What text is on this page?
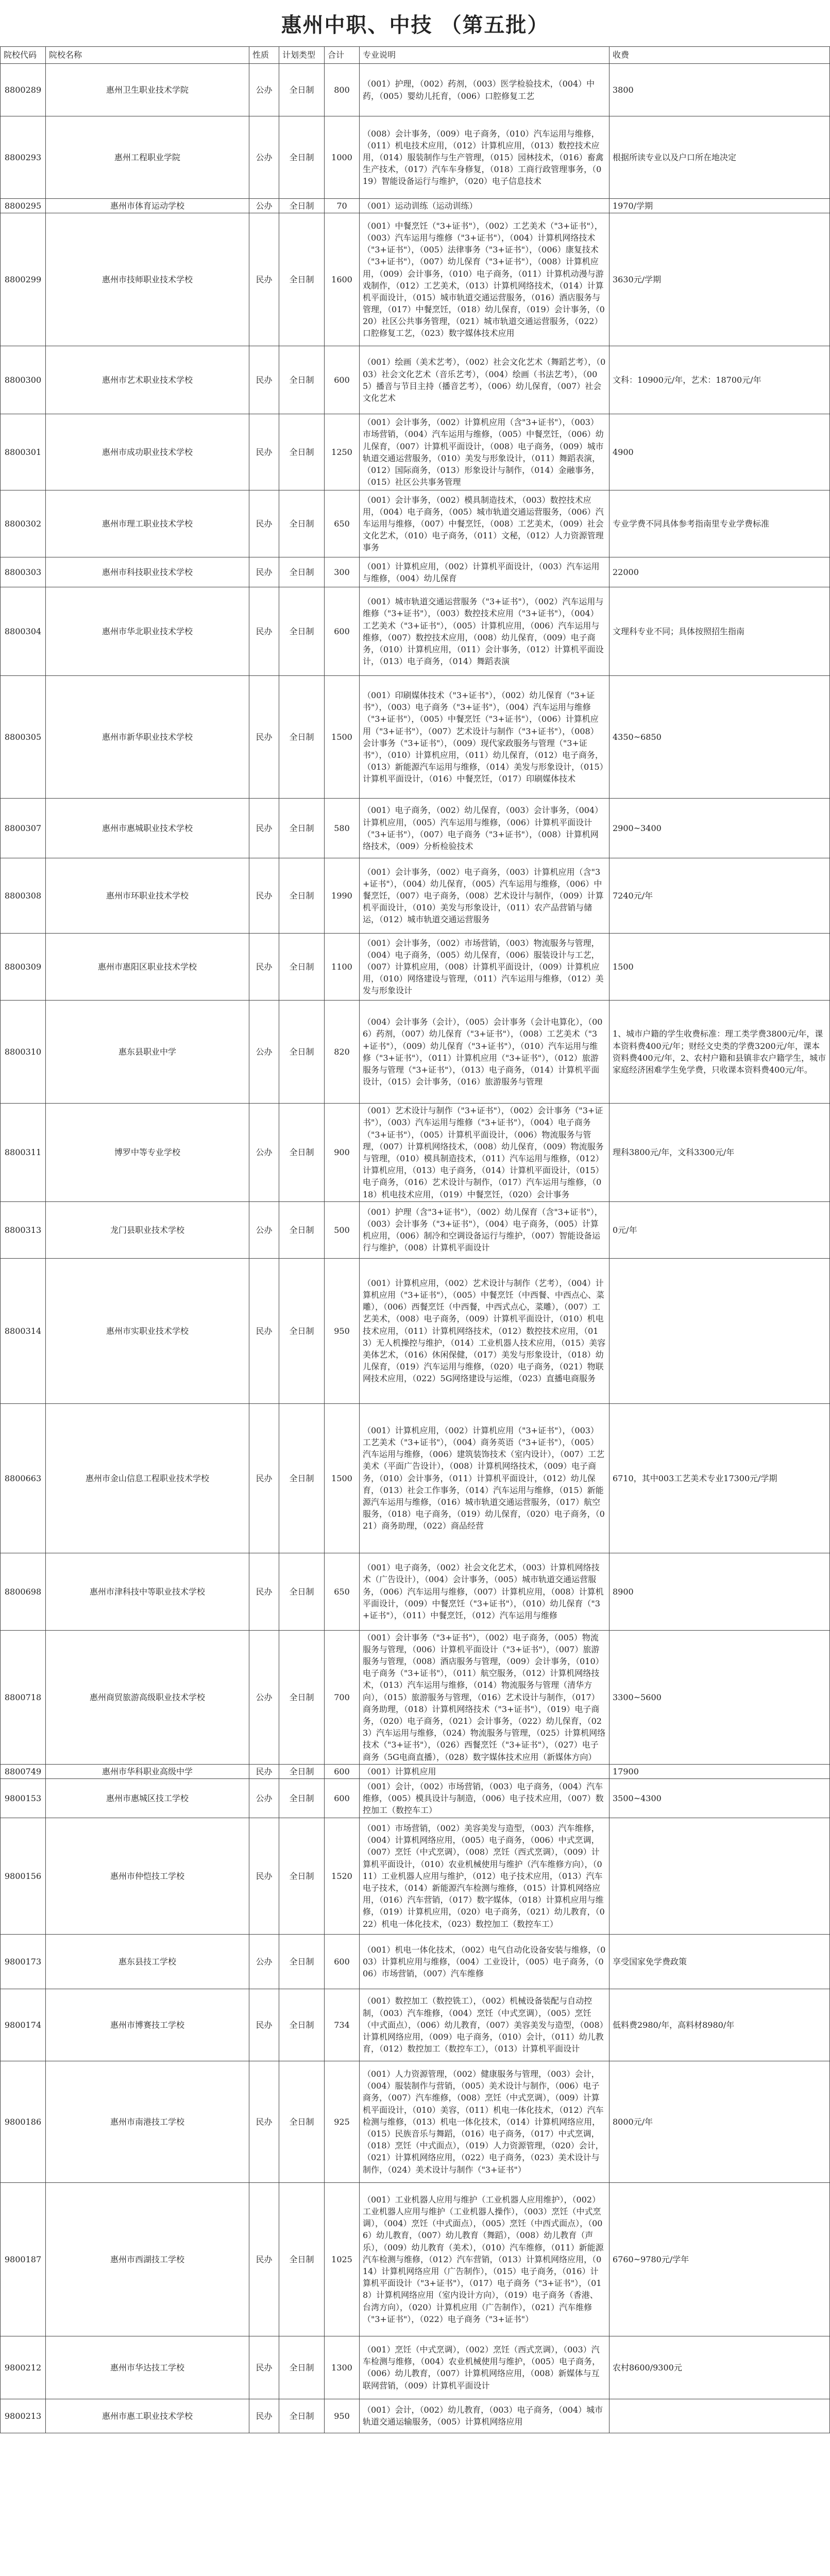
惠州中职、中技 （第五批）
院校代码	院校名称	性质	计划类型	合计	专业说明	收费
8800289	惠州卫生职业技术学院	公办	全日制	800	（001）护理，（002）药剂，（003）医学检验技术，（004）中药，（005）婴幼儿托育，（006）口腔修复工艺	3800
8800293	惠州工程职业学院	公办	全日制	1000	（008）会计事务，（009）电子商务，（010）汽车运用与维修，（011）机电技术应用，（012）计算机应用，（013）数控技术应用，（014）服装制作与生产管理，（015）园林技术，（016）畜禽生产技术，（017）汽车车身修复，（018）工商行政管理事务，（019）智能设备运行与维护，（020）电子信息技术	根据所读专业以及户口所在地决定
8800295	惠州市体育运动学校	公办	全日制	70	（001）运动训练（运动训练）	1970/学期
8800299	惠州市技师职业技术学校	民办	全日制	1600	（001）中餐烹饪（"3+证书"），（002）工艺美术（"3+证书"），（003）汽车运用与维修（"3+证书"），（004）计算机网络技术（"3+证书"），（005）法律事务（"3+证书"），（006）康复技术（"3+证书"），（007）幼儿保育（"3+证书"），（008）计算机应用，（009）会计事务，（010）电子商务，（011）计算机动漫与游戏制作，（012）工艺美术，（013）计算机网络技术，（014）计算机平面设计，（015）城市轨道交通运营服务，（016）酒店服务与管理，（017）中餐烹饪，（018）幼儿保育，（019）会计事务，（020）社区公共事务管理，（021）城市轨道交通运营服务，（022）口腔修复工艺，（023）数字媒体技术应用	3630元/学期
8800300	惠州市艺术职业技术学校	民办	全日制	600	（001）绘画（美术艺考），（002）社会文化艺术（舞蹈艺考），（003）社会文化艺术（音乐艺考），（004）绘画（书法艺考），（005）播音与节目主持（播音艺考），（006）幼儿保育，（007）社会文化艺术	文科：10900元/年，艺术：18700元/年
8800301	惠州市成功职业技术学校	民办	全日制	1250	（001）会计事务，（002）计算机应用（含"3+证书"），（003）市场营销，（004）汽车运用与维修，（005）中餐烹饪，（006）幼儿保育，（007）计算机平面设计，（008）电子商务，（009）城市轨道交通运营服务，（010）美发与形象设计，（011）舞蹈表演，（012）国际商务，（013）形象设计与制作，（014）金融事务，（015）社区公共事务管理	4900
8800302	惠州市理工职业技术学校	民办	全日制	650	（001）会计事务，（002）模具制造技术，（003）数控技术应用，（004）电子商务，（005）城市轨道交通运营服务，（006）汽车运用与维修，（007）中餐烹饪，（008）工艺美术，（009）社会文化艺术，（010）电子商务，（011）文秘，（012）人力资源管理事务	专业学费不同具体参考指南里专业学费标准
8800303	惠州市科技职业技术学校	民办	全日制	300	（001）计算机应用，（002）计算机平面设计，（003）汽车运用与维修，（004）幼儿保育	22000
8800304	惠州市华北职业技术学校	民办	全日制	600	（001）城市轨道交通运营服务（"3+证书"），（002）汽车运用与维修（"3+证书"），（003）数控技术应用（"3+证书"），（004）工艺美术（"3+证书"），（005）计算机应用，（006）汽车运用与维修，（007）数控技术应用，（008）幼儿保育，（009）电子商务，（010）计算机应用，（011）会计事务，（012）计算机平面设计，（013）电子商务，（014）舞蹈表演	文理科专业不同；具体按照招生指南
8800305	惠州市新华职业技术学校	民办	全日制	1500	（001）印刷媒体技术（"3+证书"），（002）幼儿保育（"3+证书"），（003）电子商务（"3+证书"），（004）汽车运用与维修（"3+证书"），（005）中餐烹饪（"3+证书"），（006）计算机应用（"3+证书"），（007）艺术设计与制作（"3+证书"），（008）会计事务（"3+证书"），（009）现代家政服务与管理（"3+证书"），（010）计算机应用，（011）幼儿保育，（012）电子商务，（013）新能源汽车运用与维修，（014）美发与形象设计，（015）计算机平面设计，（016）中餐烹饪，（017）印刷媒体技术	4350~6850
8800307	惠州市惠城职业技术学校	民办	全日制	580	（001）电子商务，（002）幼儿保育，（003）会计事务，（004）计算机应用，（005）汽车运用与维修，（006）计算机平面设计（"3+证书"），（007）电子商务（"3+证书"），（008）计算机网络技术，（009）分析检验技术	2900~3400
8800308	惠州市环职业技术学校	民办	全日制	1990	（001）会计事务，（002）电子商务，（003）计算机应用（含"3+证书"），（004）幼儿保育，（005）汽车运用与维修，（006）中餐烹饪，（007）电子商务，（008）艺术设计与制作，（009）计算机平面设计，（010）美发与形象设计，（011）农产品营销与储运，（012）城市轨道交通运营服务	7240元/年
8800309	惠州市惠阳区职业技术学校	民办	全日制	1100	（001）会计事务，（002）市场营销，（003）物流服务与管理，（004）电子商务，（005）幼儿保育，（006）服装设计与工艺，（007）计算机应用，（008）计算机平面设计，（009）计算机应用，（010）网络建设与管理，（011）汽车运用与维修，（012）美发与形象设计	1500
8800310	惠东县职业中学	公办	全日制	820	（004）会计事务（会计），（005）会计事务（会计电算化），（006）药剂，（007）幼儿保育（"3+证书"），（008）工艺美术（"3+证书"），（009）幼儿保育（"3+证书"），（010）汽车运用与维修（"3+证书"），（011）计算机应用（"3+证书"），（012）旅游服务与管理（"3+证书"），（013）电子商务，（014）计算机平面设计，（015）会计事务，（016）旅游服务与管理	1、城市户籍的学生收费标准：理工类学费3800元/年，课本资料费400元/年；财经文史类的学费3200元/年，课本资料费400元/年，2、农村户籍和县镇非农户籍学生，城市家庭经济困难学生免学费，只收课本资料费400元/年。
8800311	博罗中等专业学校	公办	全日制	900	（001）艺术设计与制作（"3+证书"），（002）会计事务（"3+证书"），（003）汽车运用与维修（"3+证书"），（004）电子商务（"3+证书"），（005）计算机平面设计，（006）物流服务与管理，（007）计算机网络技术，（008）幼儿保育，（009）物流服务与管理，（010）模具制造技术，（011）汽车运用与维修，（012）计算机应用，（013）电子商务，（014）计算机平面设计，（015）电子商务，（016）艺术设计与制作，（017）汽车运用与维修，（018）机电技术应用，（019）中餐烹饪，（020）会计事务	理科3800元/年，文科3300元/年
8800313	龙门县职业技术学校	公办	全日制	500	（001）护理（含"3+证书"），（002）幼儿保育（含"3+证书"），（003）会计事务（"3+证书"），（004）电子商务，（005）计算机应用，（006）制冷和空调设备运行与维护，（007）智能设备运行与维护，（008）计算机平面设计	0元/年
8800314	惠州市实职业技术学校	民办	全日制	950	（001）计算机应用，（002）艺术设计与制作（艺考），（004）计算机应用（"3+证书"），（005）中餐烹饪（中西餐、中西点心、菜雕），（006）西餐烹饪（中西餐，中西式点心，菜雕），（007）工艺美术，（008）电子商务，（009）计算机平面设计，（010）机电技术应用，（011）计算机网络技术，（012）数控技术应用，（013）无人机操控与维护，（014）工业机器人技术应用，（015）美容美体艺术，（016）休闲保健，（017）美发与形象设计，（018）幼儿保育，（019）汽车运用与维修，（020）电子商务，（021）物联网技术应用，（022）5G网络建设与运维，（023）直播电商服务	
8800663	惠州市金山信息工程职业技术学校	民办	全日制	1500	（001）计算机应用，（002）计算机应用（"3+证书"），（003）工艺美术（"3+证书"），（004）商务英语（"3+证书"），（005）汽车运用与维修，（006）建筑装饰技术（室内设计），（007）工艺美术（平面广告设计），（008）计算机网络技术，（009）电子商务，（010）会计事务，（011）计算机平面设计，（012）幼儿保育，（013）社会工作事务，（014）汽车运用与维修，（015）新能源汽车运用与维修，（016）城市轨道交通运营服务，（017）航空服务，（018）电子商务，（019）幼儿保育，（020）电子商务，（021）商务助理，（022）商品经营	6710，其中003工艺美术专业17300元/学期
8800698	惠州市津科技中等职业技术学校	民办	全日制	650	（001）电子商务，（002）社会文化艺术，（003）计算机网络技术（广告设计），（004）会计事务，（005）城市轨道交通运营服务，（006）汽车运用与维修，（007）计算机应用，（008）计算机平面设计，（009）中餐烹饪（"3+证书"），（010）幼儿保育（"3+证书"），（011）中餐烹饪，（012）汽车运用与维修	8900
8800718	惠州商贸旅游高级职业技术学校	公办	全日制	700	（001）会计事务（"3+证书"），（002）电子商务，（005）物流服务与管理，（006）计算机平面设计（"3+证书"），（007）旅游服务与管理，（008）酒店服务与管理，（009）会计事务，（010）电子商务（"3+证书"），（011）航空服务，（012）计算机网络技术，（013）汽车运用与维修，（014）物流服务与管理（清华方向），（015）旅游服务与管理，（016）艺术设计与制作，（017）商务助理，（018）计算机网络技术（"3+证书"），（019）电子商务，（020）电子商务，（021）会计事务，（022）幼儿保育，（023）汽车运用与维修，（024）物流服务与管理，（025）计算机网络技术（"3+证书"），（026）西餐烹饪（"3+证书"），（027）电子商务（5G电商直播），（028）数字媒体技术应用（新媒体方向）	3300~5600
8800749	惠州市华科职业高级中学	民办	全日制	600	（001）计算机应用	17900
9800153	惠州市惠城区技工学校	公办	全日制	600	（001）会计，（002）市场营销，（003）电子商务，（004）汽车维修，（005）模具设计与制造，（006）电子技术应用，（007）数控加工（数控车工）	3500~4300
9800156	惠州市仲恺技工学校	民办	全日制	1520	（001）市场营销，（002）美容美发与造型，（003）汽车维修，（004）计算机网络应用，（005）电子商务，（006）中式烹调，（007）烹饪（中式烹调），（008）烹饪（西式烹调），（009）计算机平面设计，（010）农业机械使用与维护（汽车维修方向），（011）工业机器人应用与维护，（012）电子技术应用，（013）汽车电子技术，（014）新能源汽车检测与维修，（015）计算机网络应用，（016）汽车营销，（017）数字媒体，（018）计算机应用与维修，（019）计算机应用，（020）电子商务，（021）幼儿教育，（022）机电一体化技术，（023）数控加工（数控车工）	
9800173	惠东县技工学校	公办	全日制	600	（001）机电一体化技术，（002）电气自动化设备安装与维修，（003）计算机应用与维修，（004）工业设计，（005）电子商务，（006）市场营销，（007）汽车维修	享受国家免学费政策
9800174	惠州市博赛技工学校	民办	全日制	734	（001）数控加工（数控铣工），（002）机械设备装配与自动控制，（003）汽车维修，（004）烹饪（中式烹调），（005）烹饪（中式面点），（006）幼儿教育，（007）美容美发与造型，（008）计算机网络应用，（009）电子商务，（010）会计，（011）幼儿教育，（012）数控加工（数控车工），（013）计算机平面设计	低料费2980/年，高料材8980/年
9800186	惠州市南港技工学校	民办	全日制	925	（001）人力资源管理，（002）健康服务与管理，（003）会计，（004）服装制作与营销，（005）美术设计与制作，（006）电子商务，（007）汽车维修，（008）烹饪（中式烹调），（009）计算机平面设计，（010）美容，（011）机电一体化技术，（012）汽车检测与维修，（013）机电一体化技术，（014）计算机网络应用，（015）民族音乐与舞蹈，（016）电子商务，（017）中式烹调，（018）烹饪（中式面点），（019）人力资源管理，（020）会计，（021）计算机网络应用，（022）电子商务，（023）美术设计与制作，（024）美术设计与制作（"3+证书"）	8000元/年
9800187	惠州市西湖技工学校	民办	全日制	1025	（001）工业机器人应用与维护（工业机器人应用维护），（002）工业机器人应用与维护（工业机器人操作），（003）烹饪（中式烹调），（004）烹饪（中式面点），（005）烹饪（中西式面点），（006）幼儿教育，（007）幼儿教育（舞蹈），（008）幼儿教育（声乐），（009）幼儿教育（美术），（010）汽车维修，（011）新能源汽车检测与维修，（012）汽车营销，（013）计算机网络应用，（014）计算机网络应用（广告制作），（015）电子商务，（016）计算机平面设计（"3+证书"），（017）电子商务（"3+证书"），（018）计算机网络应用（室内设计方向），（019）电子商务（香港、台湾方向），（020）计算机应用（广告制作），（021）汽车维修（"3+证书"），（022）电子商务（"3+证书"）	6760~9780元/学年
9800212	惠州市华达技工学校	民办	全日制	1300	（001）烹饪（中式烹调），（002）烹饪（西式烹调），（003）汽车检测与维修，（004）农业机械使用与维护，（005）电子商务，（006）幼儿教育，（007）计算机网络应用，（008）新媒体与互联网营销，（009）计算机平面设计	农村8600/9300元
9800213	惠州市惠工职业技术学校	民办	全日制	950	（001）会计，（002）幼儿教育，（003）电子商务，（004）城市轨道交通运输服务，（005）计算机网络应用	
